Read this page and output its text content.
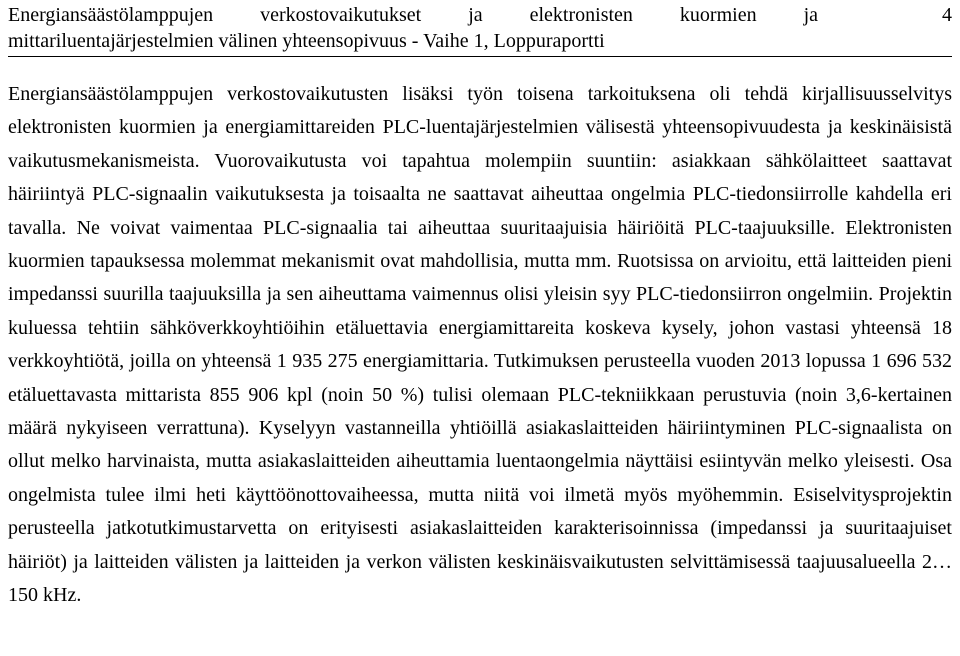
Energiansäästölamppujen verkostovaikutukset ja elektronisten kuormien ja
mittariluentajärjestelmien välinen yhteensopivuus - Vaihe 1, Loppuraportti
4

Energiansäästölamppujen verkostovaikutusten lisäksi työn toisena tarkoituksena oli tehdä kirjallisuusselvitys elektronisten kuormien ja energiamittareiden PLC-luentajärjestelmien välisestä yhteensopivuudesta ja keskinäisistä vaikutusmekanismeista. Vuorovaikutusta voi tapahtua molempiin suuntiin: asiakkaan sähkölaitteet saattavat häiriintyä PLC-signaalin vaikutuksesta ja toisaalta ne saattavat aiheuttaa ongelmia PLC-tiedonsiirrolle kahdella eri tavalla. Ne voivat vaimentaa PLC-signaalia tai aiheuttaa suuritaajuisia häiriöitä PLC-taajuuksille. Elektronisten kuormien tapauksessa molemmat mekanismit ovat mahdollisia, mutta mm. Ruotsissa on arvioitu, että laitteiden pieni impedanssi suurilla taajuuksilla ja sen aiheuttama vaimennus olisi yleisin syy PLC-tiedonsiirron ongelmiin. Projektin kuluessa tehtiin sähköverkkoyhtiöihin etäluettavia energiamittareita koskeva kysely, johon vastasi yhteensä 18 verkkoyhtiötä, joilla on yhteensä 1 935 275 energiamittaria. Tutkimuksen perusteella vuoden 2013 lopussa 1 696 532 etäluettavasta mittarista 855 906 kpl (noin 50 %) tulisi olemaan PLC-tekniikkaan perustuvia (noin 3,6-kertainen määrä nykyiseen verrattuna). Kyselyyn vastanneilla yhtiöillä asiakaslaitteiden häiriintyminen PLC-signaalista on ollut melko harvinaista, mutta asiakaslaitteiden aiheuttamia luentaongelmia näyttäisi esiintyvän melko yleisesti. Osa ongelmista tulee ilmi heti käyttöönottovaiheessa, mutta niitä voi ilmetä myös myöhemmin. Esiselvitysprojektin perusteella jatkotutkimustarvetta on erityisesti asiakaslaitteiden karakterisoinnissa (impedanssi ja suuritaajuiset häiriöt) ja laitteiden välisten ja laitteiden ja verkon välisten keskinäisvaikutusten selvittämisessä taajuusalueella 2…150 kHz.
